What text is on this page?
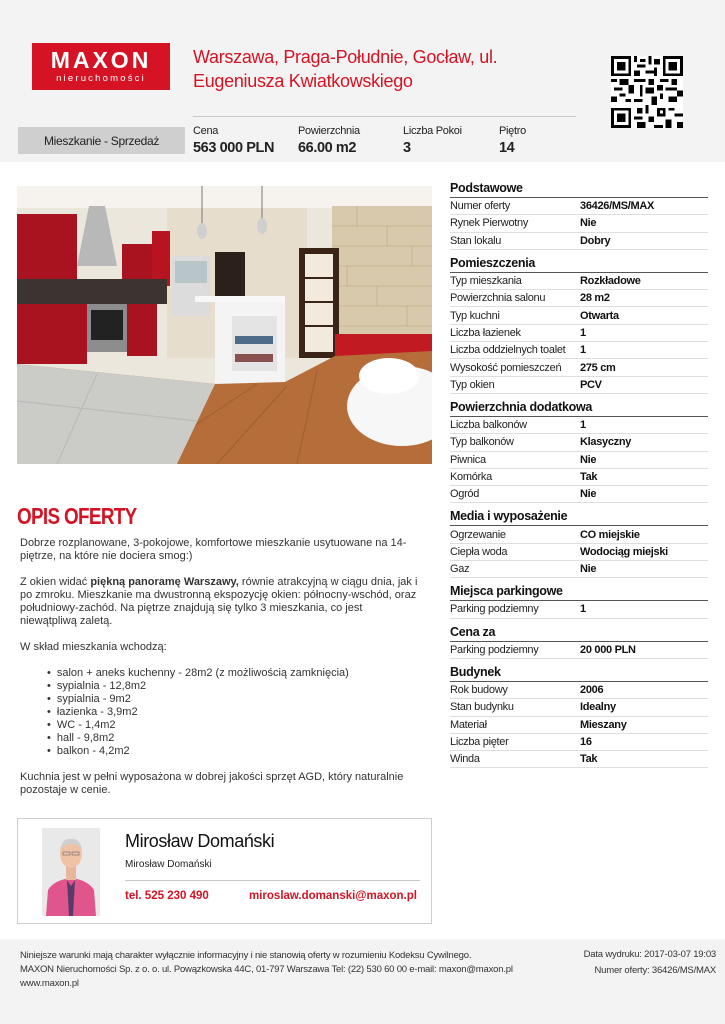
MAXON
nieruchomości
Warszawa, Praga-Południe, Gocław, ul. Eugeniusza Kwiatkowskiego
Mieszkanie - Sprzedaż
Cena
563 000 PLN
Powierzchnia
66.00 m2
Liczba Pokoi
3
Piętro
14
Podstawowe
Numer oferty	36426/MS/MAX
Rynek Pierwotny	Nie
Stan lokalu	Dobry
Pomieszczenia
Typ mieszkania	Rozkładowe
Powierzchnia salonu	28 m2
Typ kuchni	Otwarta
Liczba łazienek	1
Liczba oddzielnych toalet	1
Wysokość pomieszczeń	275 cm
Typ okien	PCV
Powierzchnia dodatkowa
Liczba balkonów	1
Typ balkonów	Klasyczny
Piwnica	Nie
Komórka	Tak
Ogród	Nie
Media i wyposażenie
Ogrzewanie	CO miejskie
Ciepła woda	Wodociąg miejski
Gaz	Nie
Miejsca parkingowe
Parking podziemny	1
Cena za
Parking podziemny	20 000 PLN
Budynek
Rok budowy	2006
Stan budynku	Idealny
Materiał	Mieszany
Liczba pięter	16
Winda	Tak
OPIS OFERTY

Dobrze rozplanowane, 3-pokojowe, komfortowe mieszkanie usytuowane na 14-piętrze, na które nie dociera smog:)

Z okien widać piękną panoramę Warszawy, równie atrakcyjną w ciągu dnia, jak i po zmroku. Mieszkanie ma dwustronną ekspozycję okien: północny-wschód, oraz południowy-zachód. Na piętrze znajdują się tylko 3 mieszkania, co jest niewątpliwą zaletą.

W skład mieszkania wchodzą:

• salon + aneks kuchenny - 28m2 (z możliwością zamknięcia)
• sypialnia - 12,8m2
• sypialnia - 9m2
• łazienka - 3,9m2
• WC - 1,4m2
• hall - 9,8m2
• balkon - 4,2m2

Kuchnia jest w pełni wyposażona w dobrej jakości sprzęt AGD, który naturalnie pozostaje w cenie.

Mirosław Domański
Mirosław Domański
tel. 525 230 490	miroslaw.domanski@maxon.pl
Niniejsze warunki mają charakter wyłącznie informacyjny i nie stanowią oferty w rozumieniu Kodeksu Cywilnego.
MAXON Nieruchomości Sp. z o. o. ul. Powązkowska 44C, 01-797 Warszawa Tel: (22) 530 60 00 e-mail: maxon@maxon.pl www.maxon.pl
Data wydruku: 2017-03-07 19:03
Numer oferty: 36426/MS/MAX
